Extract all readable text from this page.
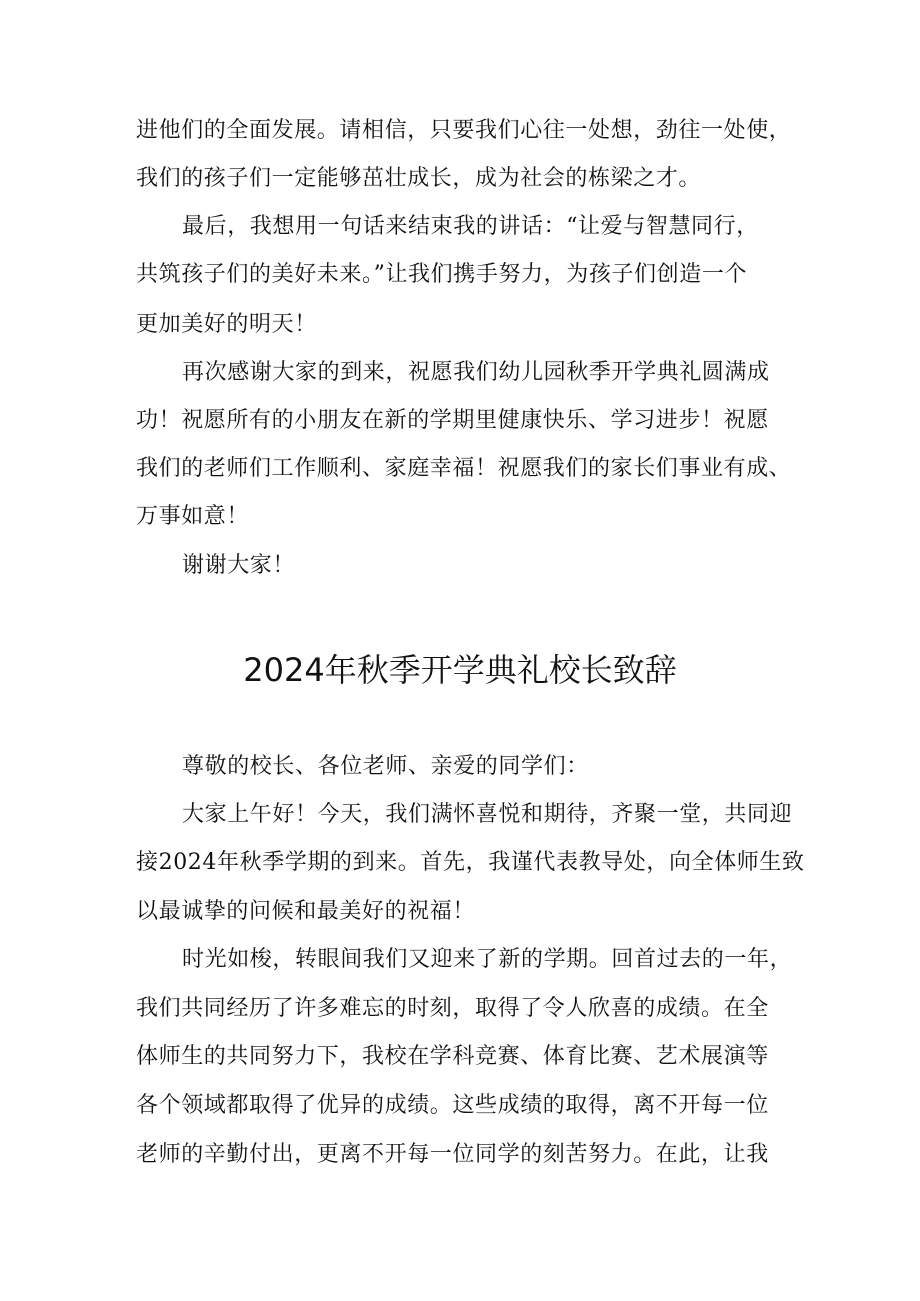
进他们的全面发展。请相信，只要我们心往一处想，劲往一处使，
我们的孩子们一定能够茁壮成长，成为社会的栋梁之才。
最后，我想用一句话来结束我的讲话：“让爱与智慧同行，
共筑孩子们的美好未来。”让我们携手努力，为孩子们创造一个
更加美好的明天！
再次感谢大家的到来，祝愿我们幼儿园秋季开学典礼圆满成
功！祝愿所有的小朋友在新的学期里健康快乐、学习进步！祝愿
我们的老师们工作顺利、家庭幸福！祝愿我们的家长们事业有成、
万事如意！
谢谢大家！
2024年秋季开学典礼校长致辞
尊敬的校长、各位老师、亲爱的同学们：
大家上午好！今天，我们满怀喜悦和期待，齐聚一堂，共同迎
接2024年秋季学期的到来。首先，我谨代表教导处，向全体师生致
以最诚挚的问候和最美好的祝福！
时光如梭，转眼间我们又迎来了新的学期。回首过去的一年，
我们共同经历了许多难忘的时刻，取得了令人欣喜的成绩。在全
体师生的共同努力下，我校在学科竞赛、体育比赛、艺术展演等
各个领域都取得了优异的成绩。这些成绩的取得，离不开每一位
老师的辛勤付出，更离不开每一位同学的刻苦努力。在此，让我
